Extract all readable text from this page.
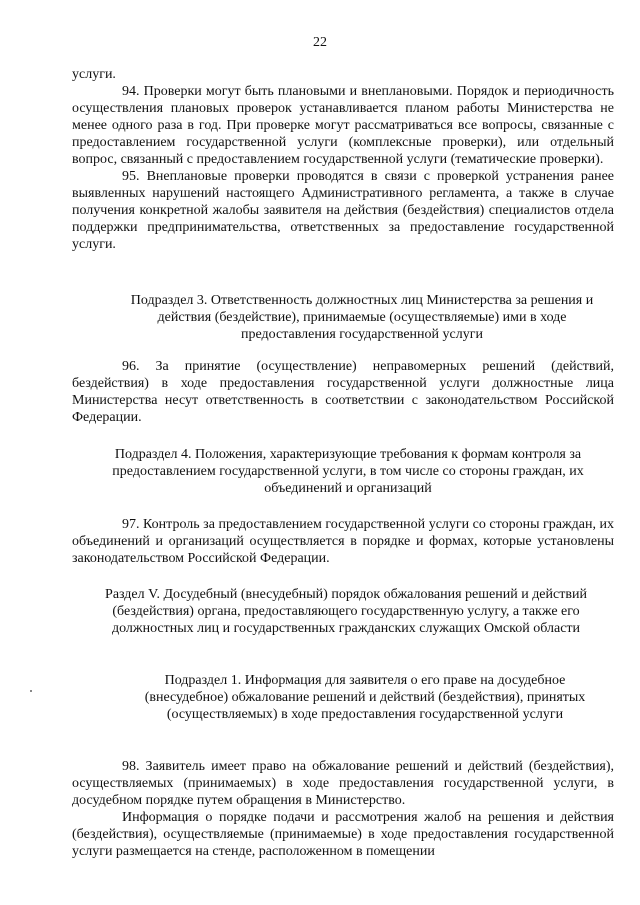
22

услуги.

94. Проверки могут быть плановыми и внеплановыми. Порядок и периодичность осуществления плановых проверок устанавливается планом работы Министерства не менее одного раза в год. При проверке могут рассматриваться все вопросы, связанные с предоставлением государственной услуги (комплексные проверки), или отдельный вопрос, связанный с предоставлением государственной услуги (тематические проверки).

95. Внеплановые проверки проводятся в связи с проверкой устранения ранее выявленных нарушений настоящего Административного регламента, а также в случае получения конкретной жалобы заявителя на действия (бездействия) специалистов отдела поддержки предпринимательства, ответственных за предоставление государственной услуги.

Подраздел 3. Ответственность должностных лиц Министерства за решения и действия (бездействие), принимаемые (осуществляемые) ими в ходе предоставления государственной услуги

96. За принятие (осуществление) неправомерных решений (действий, бездействия) в ходе предоставления государственной услуги должностные лица Министерства несут ответственность в соответствии с законодательством Российской Федерации.

Подраздел 4. Положения, характеризующие требования к формам контроля за предоставлением государственной услуги, в том числе со стороны граждан, их объединений и организаций

97. Контроль за предоставлением государственной услуги со стороны граждан, их объединений и организаций осуществляется в порядке и формах, которые установлены законодательством Российской Федерации.

Раздел V. Досудебный (внесудебный) порядок обжалования решений и действий (бездействия) органа, предоставляющего государственную услугу, а также его должностных лиц и государственных гражданских служащих Омской области
Подраздел 1. Информация для заявителя о его праве на досудебное (внесудебное) обжалование решений и действий (бездействия), принятых (осуществляемых) в ходе предоставления государственной услуги

98. Заявитель имеет право на обжалование решений и действий (бездействия), осуществляемых (принимаемых) в ходе предоставления государственной услуги, в досудебном порядке путем обращения в Министерство.

Информация о порядке подачи и рассмотрения жалоб на решения и действия (бездействия), осуществляемые (принимаемые) в ходе предоставления государственной услуги размещается на стенде, расположенном в помещении
